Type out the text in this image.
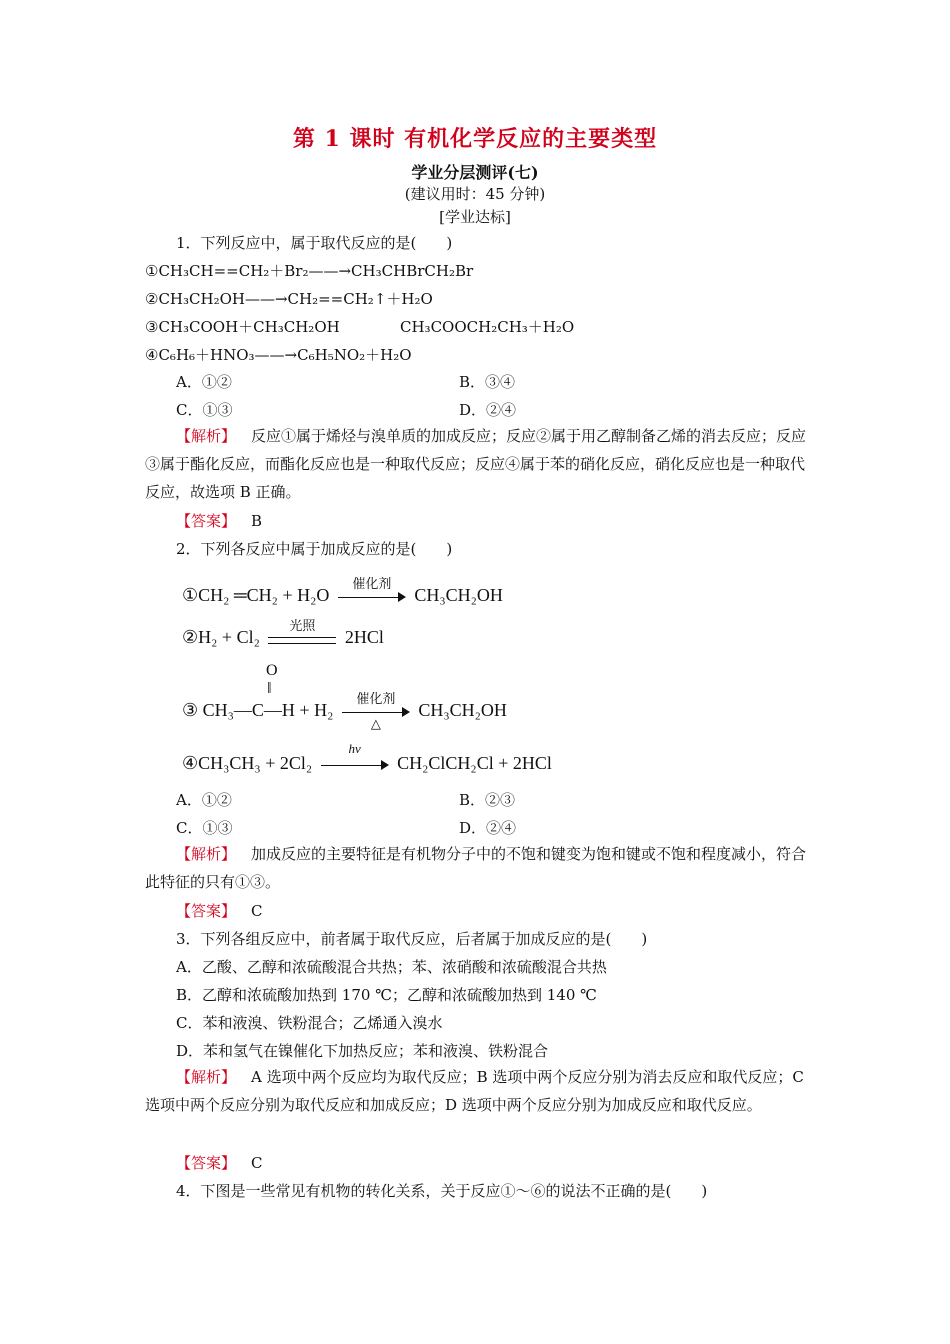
第 1 课时 有机化学反应的主要类型
学业分层测评(七)
(建议用时：45 分钟)
[学业达标]
1．下列反应中，属于取代反应的是(　　)
①CH₃CH==CH₂＋Br₂——→CH₃CHBrCH₂Br
②CH₃CH₂OH——→CH₂==CH₂↑＋H₂O
③CH₃COOH＋CH₃CH₂OH	CH₃COOCH₂CH₃＋H₂O
④C₆H₆＋HNO₃——→C₆H₅NO₂＋H₂O
A．①②	B．③④
C．①③	D．②④
【解析】  反应①属于烯烃与溴单质的加成反应；反应②属于用乙醇制备乙烯的消去反应；反应③属于酯化反应，而酯化反应也是一种取代反应；反应④属于苯的硝化反应，硝化反应也是一种取代反应，故选项 B 正确。
【答案】  B
2．下列各反应中属于加成反应的是(　　)
①CH₂ ═CH₂ + H₂O
催化剂
CH₃CH₂OH
②H₂ + Cl₂
光照
2HCl
O
‖
③ CH₃—C—H + H₂
催化剂
△
CH₃CH₂OH
④CH₃CH₃ + 2Cl₂
hν
CH₂ClCH₂Cl + 2HCl
A．①②	B．②③
C．①③	D．②④
【解析】  加成反应的主要特征是有机物分子中的不饱和键变为饱和键或不饱和程度减小，符合此特征的只有①③。
【答案】  C
3．下列各组反应中，前者属于取代反应，后者属于加成反应的是(　　)
A．乙酸、乙醇和浓硫酸混合共热；苯、浓硝酸和浓硫酸混合共热
B．乙醇和浓硫酸加热到 170 ℃；乙醇和浓硫酸加热到 140 ℃
C．苯和液溴、铁粉混合；乙烯通入溴水
D．苯和氢气在镍催化下加热反应；苯和液溴、铁粉混合
【解析】  A 选项中两个反应均为取代反应；B 选项中两个反应分别为消去反应和取代反应；C 选项中两个反应分别为取代反应和加成反应；D 选项中两个反应分别为加成反应和取代反应。
【答案】  C
4．下图是一些常见有机物的转化关系，关于反应①～⑥的说法不正确的是(　　)
